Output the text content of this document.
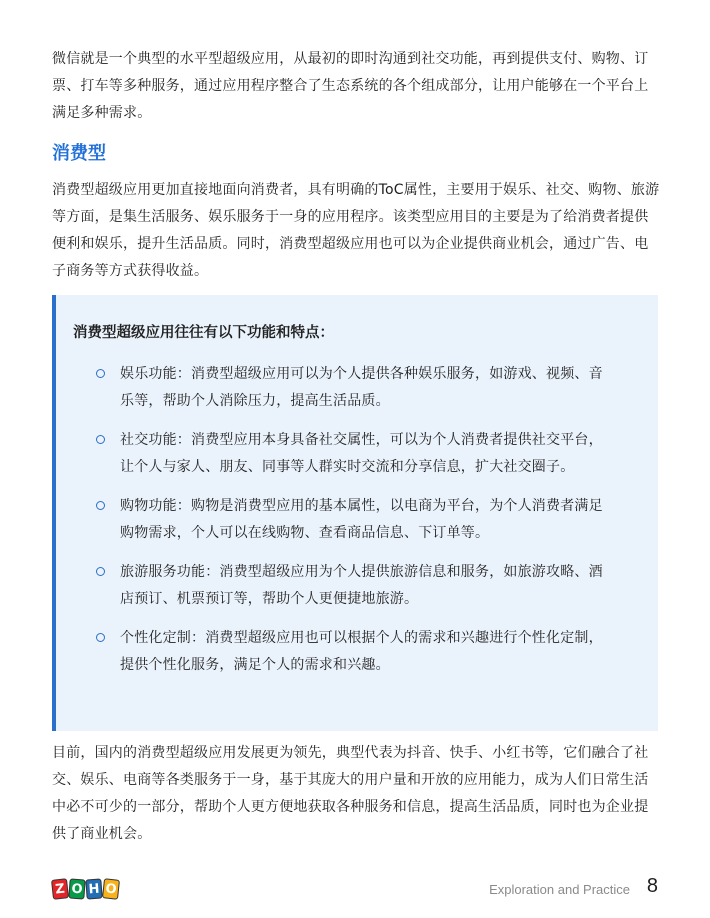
微信就是一个典型的水平型超级应用，从最初的即时沟通到社交功能，再到提供支付、购物、订票、打车等多种服务，通过应用程序整合了生态系统的各个组成部分，让用户能够在一个平台上满足多种需求。

消费型

消费型超级应用更加直接地面向消费者，具有明确的ToC属性，主要用于娱乐、社交、购物、旅游等方面，是集生活服务、娱乐服务于一身的应用程序。该类型应用目的主要是为了给消费者提供便利和娱乐，提升生活品质。同时，消费型超级应用也可以为企业提供商业机会，通过广告、电子商务等方式获得收益。

消费型超级应用往往有以下功能和特点：

娱乐功能：消费型超级应用可以为个人提供各种娱乐服务，如游戏、视频、音乐等，帮助个人消除压力，提高生活品质。
社交功能：消费型应用本身具备社交属性，可以为个人消费者提供社交平台，让个人与家人、朋友、同事等人群实时交流和分享信息，扩大社交圈子。
购物功能：购物是消费型应用的基本属性，以电商为平台，为个人消费者满足购物需求，个人可以在线购物、查看商品信息、下订单等。
旅游服务功能：消费型超级应用为个人提供旅游信息和服务，如旅游攻略、酒店预订、机票预订等，帮助个人更便捷地旅游。
个性化定制：消费型超级应用也可以根据个人的需求和兴趣进行个性化定制，提供个性化服务，满足个人的需求和兴趣。

目前，国内的消费型超级应用发展更为领先，典型代表为抖音、快手、小红书等，它们融合了社交、娱乐、电商等各类服务于一身，基于其庞大的用户量和开放的应用能力，成为人们日常生活中必不可少的一部分，帮助个人更方便地获取各种服务和信息，提高生活品质，同时也为企业提供了商业机会。

Z O H O	Exploration and Practice 8
